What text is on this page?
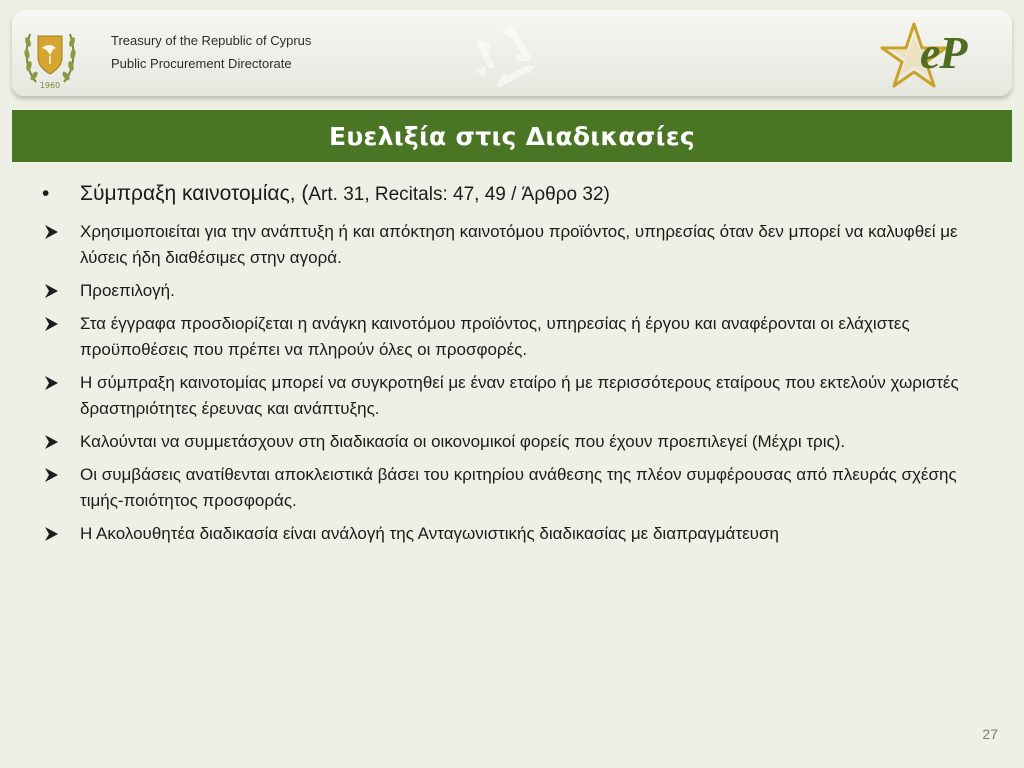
1960
Treasury of the Republic of Cyprus
Public Procurement Directorate	eP
Ευελιξία στις Διαδικασίες
• Σύμπραξη καινοτομίας, (Art. 31, Recitals: 47, 49 / Άρθρο 32)
Χρησιμοποιείται για την ανάπτυξη ή και απόκτηση καινοτόμου προϊόντος, υπηρεσίας όταν δεν μπορεί να καλυφθεί με λύσεις ήδη διαθέσιμες στην αγορά.
Προεπιλογή.
Στα έγγραφα προσδιορίζεται η ανάγκη καινοτόμου προϊόντος, υπηρεσίας ή έργου και αναφέρονται οι ελάχιστες προϋποθέσεις που πρέπει να πληρούν όλες οι προσφορές.
Η σύμπραξη καινοτομίας μπορεί να συγκροτηθεί με έναν εταίρο ή με περισσότερους εταίρους που εκτελούν χωριστές δραστηριότητες έρευνας και ανάπτυξης.
Καλούνται να συμμετάσχουν στη διαδικασία οι οικονομικοί φορείς που έχουν προεπιλεγεί (Μέχρι τρις).
Οι συμβάσεις ανατίθενται αποκλειστικά βάσει του κριτηρίου ανάθεσης της πλέον συμφέρουσας από πλευράς σχέσης τιμής-ποιότητος προσφοράς.
Η Ακολουθητέα διαδικασία είναι ανάλογή της Ανταγωνιστικής διαδικασίας με διαπραγμάτευση
27
